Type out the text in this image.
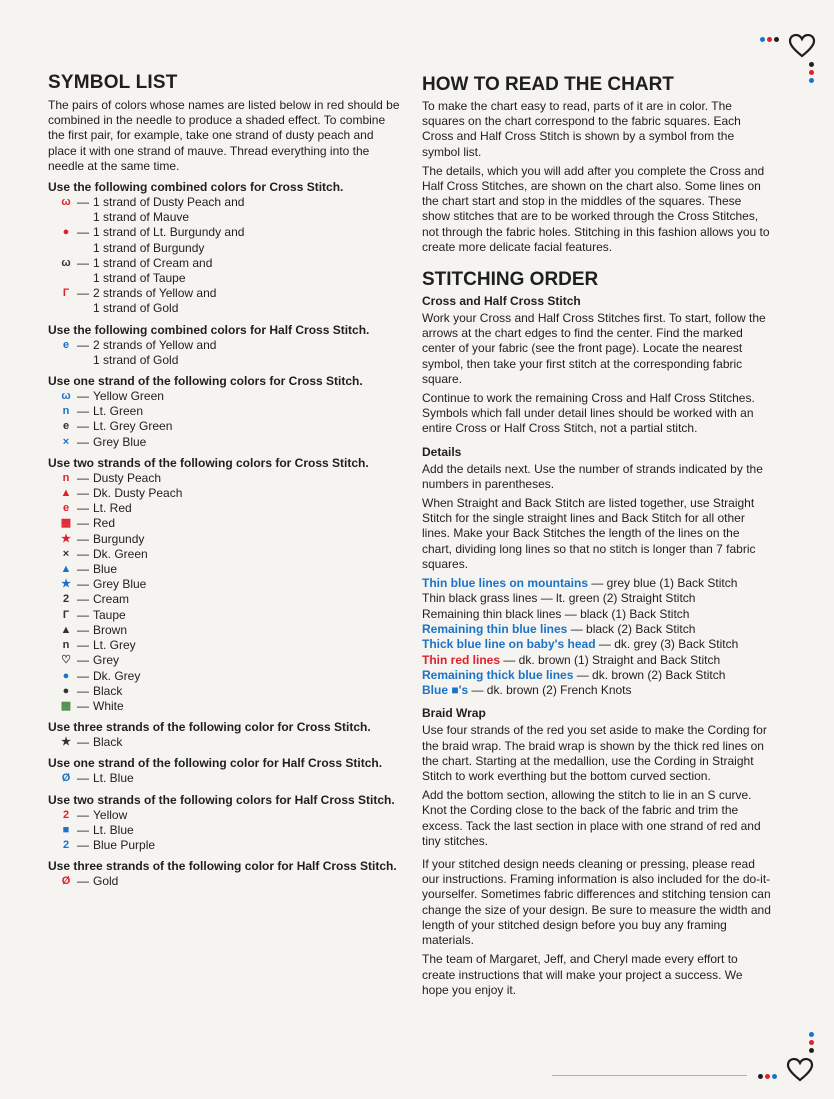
SYMBOL LIST

The pairs of colors whose names are listed below in red should be combined in the needle to produce a shaded effect. To combine the first pair, for example, take one strand of dusty peach and place it with one strand of mauve. Thread everything into the needle at the same time.

Use the following combined colors for Cross Stitch.
ω — 1 strand of Dusty Peach and
1 strand of Mauve
● — 1 strand of Lt. Burgundy and
1 strand of Burgundy
ω — 1 strand of Cream and
1 strand of Taupe
Г — 2 strands of Yellow and
1 strand of Gold
Use the following combined colors for Half Cross Stitch.
e — 2 strands of Yellow and
1 strand of Gold
Use one strand of the following colors for Cross Stitch.
ω — Yellow Green
n — Lt. Green
e — Lt. Grey Green
× — Grey Blue
Use two strands of the following colors for Cross Stitch.
n — Dusty Peach
▲ — Dk. Dusty Peach
e — Lt. Red
▩ — Red
★ — Burgundy
× — Dk. Green
▲ — Blue
★ — Grey Blue
2 — Cream
Г — Taupe
▲ — Brown
n — Lt. Grey
♡ — Grey
● — Dk. Grey
● — Black
▩ — White
Use three strands of the following color for Cross Stitch.
★ — Black
Use one strand of the following color for Half Cross Stitch.
Ø — Lt. Blue
Use two strands of the following colors for Half Cross Stitch.
2 — Yellow
■ — Lt. Blue
2 — Blue Purple
Use three strands of the following color for Half Cross Stitch.
Ø — Gold
HOW TO READ THE CHART

To make the chart easy to read, parts of it are in color. The squares on the chart correspond to the fabric squares. Each Cross and Half Cross Stitch is shown by a symbol from the symbol list.

The details, which you will add after you complete the Cross and Half Cross Stitches, are shown on the chart also. Some lines on the chart start and stop in the middles of the squares. These show stitches that are to be worked through the Cross Stitches, not through the fabric holes. Stitching in this fashion allows you to create more delicate facial features.

STITCHING ORDER
Cross and Half Cross Stitch

Work your Cross and Half Cross Stitches first. To start, follow the arrows at the chart edges to find the center. Find the marked center of your fabric (see the front page). Locate the nearest symbol, then take your first stitch at the corresponding fabric square.

Continue to work the remaining Cross and Half Cross Stitches. Symbols which fall under detail lines should be worked with an entire Cross or Half Cross Stitch, not a partial stitch.

Details

Add the details next. Use the number of strands indicated by the numbers in parentheses.

When Straight and Back Stitch are listed together, use Straight Stitch for the single straight lines and Back Stitch for all other lines. Make your Back Stitches the length of the lines on the chart, dividing long lines so that no stitch is longer than 7 fabric squares.

Thin blue lines on mountains — grey blue (1) Back Stitch
Thin black grass lines — lt. green (2) Straight Stitch
Remaining thin black lines — black (1) Back Stitch
Remaining thin blue lines — black (2) Back Stitch
Thick blue line on baby's head — dk. grey (3) Back Stitch
Thin red lines — dk. brown (1) Straight and Back Stitch
Remaining thick blue lines — dk. brown (2) Back Stitch
Blue ■'s — dk. brown (2) French Knots
Braid Wrap

Use four strands of the red you set aside to make the Cording for the braid wrap. The braid wrap is shown by the thick red lines on the chart. Starting at the medallion, use the Cording in Straight Stitch to work everthing but the bottom curved section.

Add the bottom section, allowing the stitch to lie in an S curve. Knot the Cording close to the back of the fabric and trim the excess. Tack the last section in place with one strand of red and tiny stitches.

If your stitched design needs cleaning or pressing, please read our instructions. Framing information is also included for the do-it-yourselfer. Sometimes fabric differences and stitching tension can change the size of your design. Be sure to measure the width and length of your stitched design before you buy any framing materials.

The team of Margaret, Jeff, and Cheryl made every effort to create instructions that will make your project a success. We hope you enjoy it.
